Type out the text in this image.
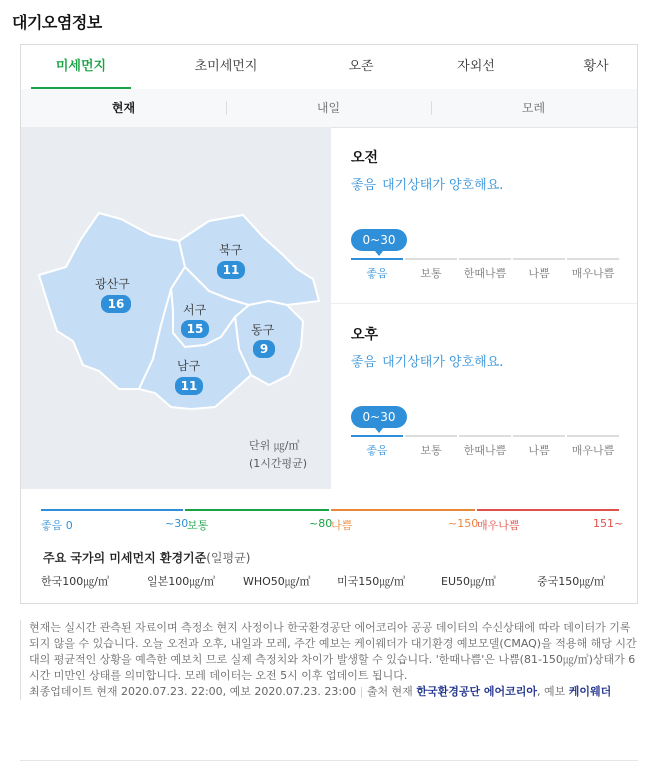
대기오염정보
미세먼지	초미세먼지	오존	자외선	황사
현재	내일	모레
광산구
16
북구
11
서구
15	동구
9
남구
11
단위 ㎍/㎥
(1시간평균)
오전
좋음 대기상태가 양호해요.
0~30
좋음	보통	한때나쁨	나쁨	매우나쁨
오후
좋음 대기상태가 양호해요.
0~30
좋음	보통	한때나쁨	나쁨	매우나쁨
좋음 0	~30
보통	~80
나쁨	~150
매우나쁨	151~
주요 국가의 미세먼지 환경기준(일평균)
한국100㎍/㎥	일본100㎍/㎥	WHO50㎍/㎥ 미국150㎍/㎥	EU50㎍/㎥	중국150㎍/㎥

현재는 실시간 관측된 자료이며 측정소 현지 사정이나 한국환경공단 에어코리아 공공 데이터의 수신상태에 따라 데이터가 기록되지 않을 수 있습니다. 오늘 오전과 오후, 내일과 모레, 주간 예보는 케이웨더가 대기환경 예보모델(CMAQ)을 적용해 해당 시간대의 평균적인 상황을 예측한 예보치 므로 실제 측정치와 차이가 발생할 수 있습니다. '한때나쁨'은 나쁨(81-150㎍/㎥)상태가 6시간 미만인 상태를 의미합니다. 모레 데이터는 오전 5시 이후 업데이트 됩니다.

최종업데이트 현재 2020.07.23. 22:00, 예보 2020.07.23. 23:00 | 출처 현재 한국환경공단 에어코리아, 예보 케이웨더
